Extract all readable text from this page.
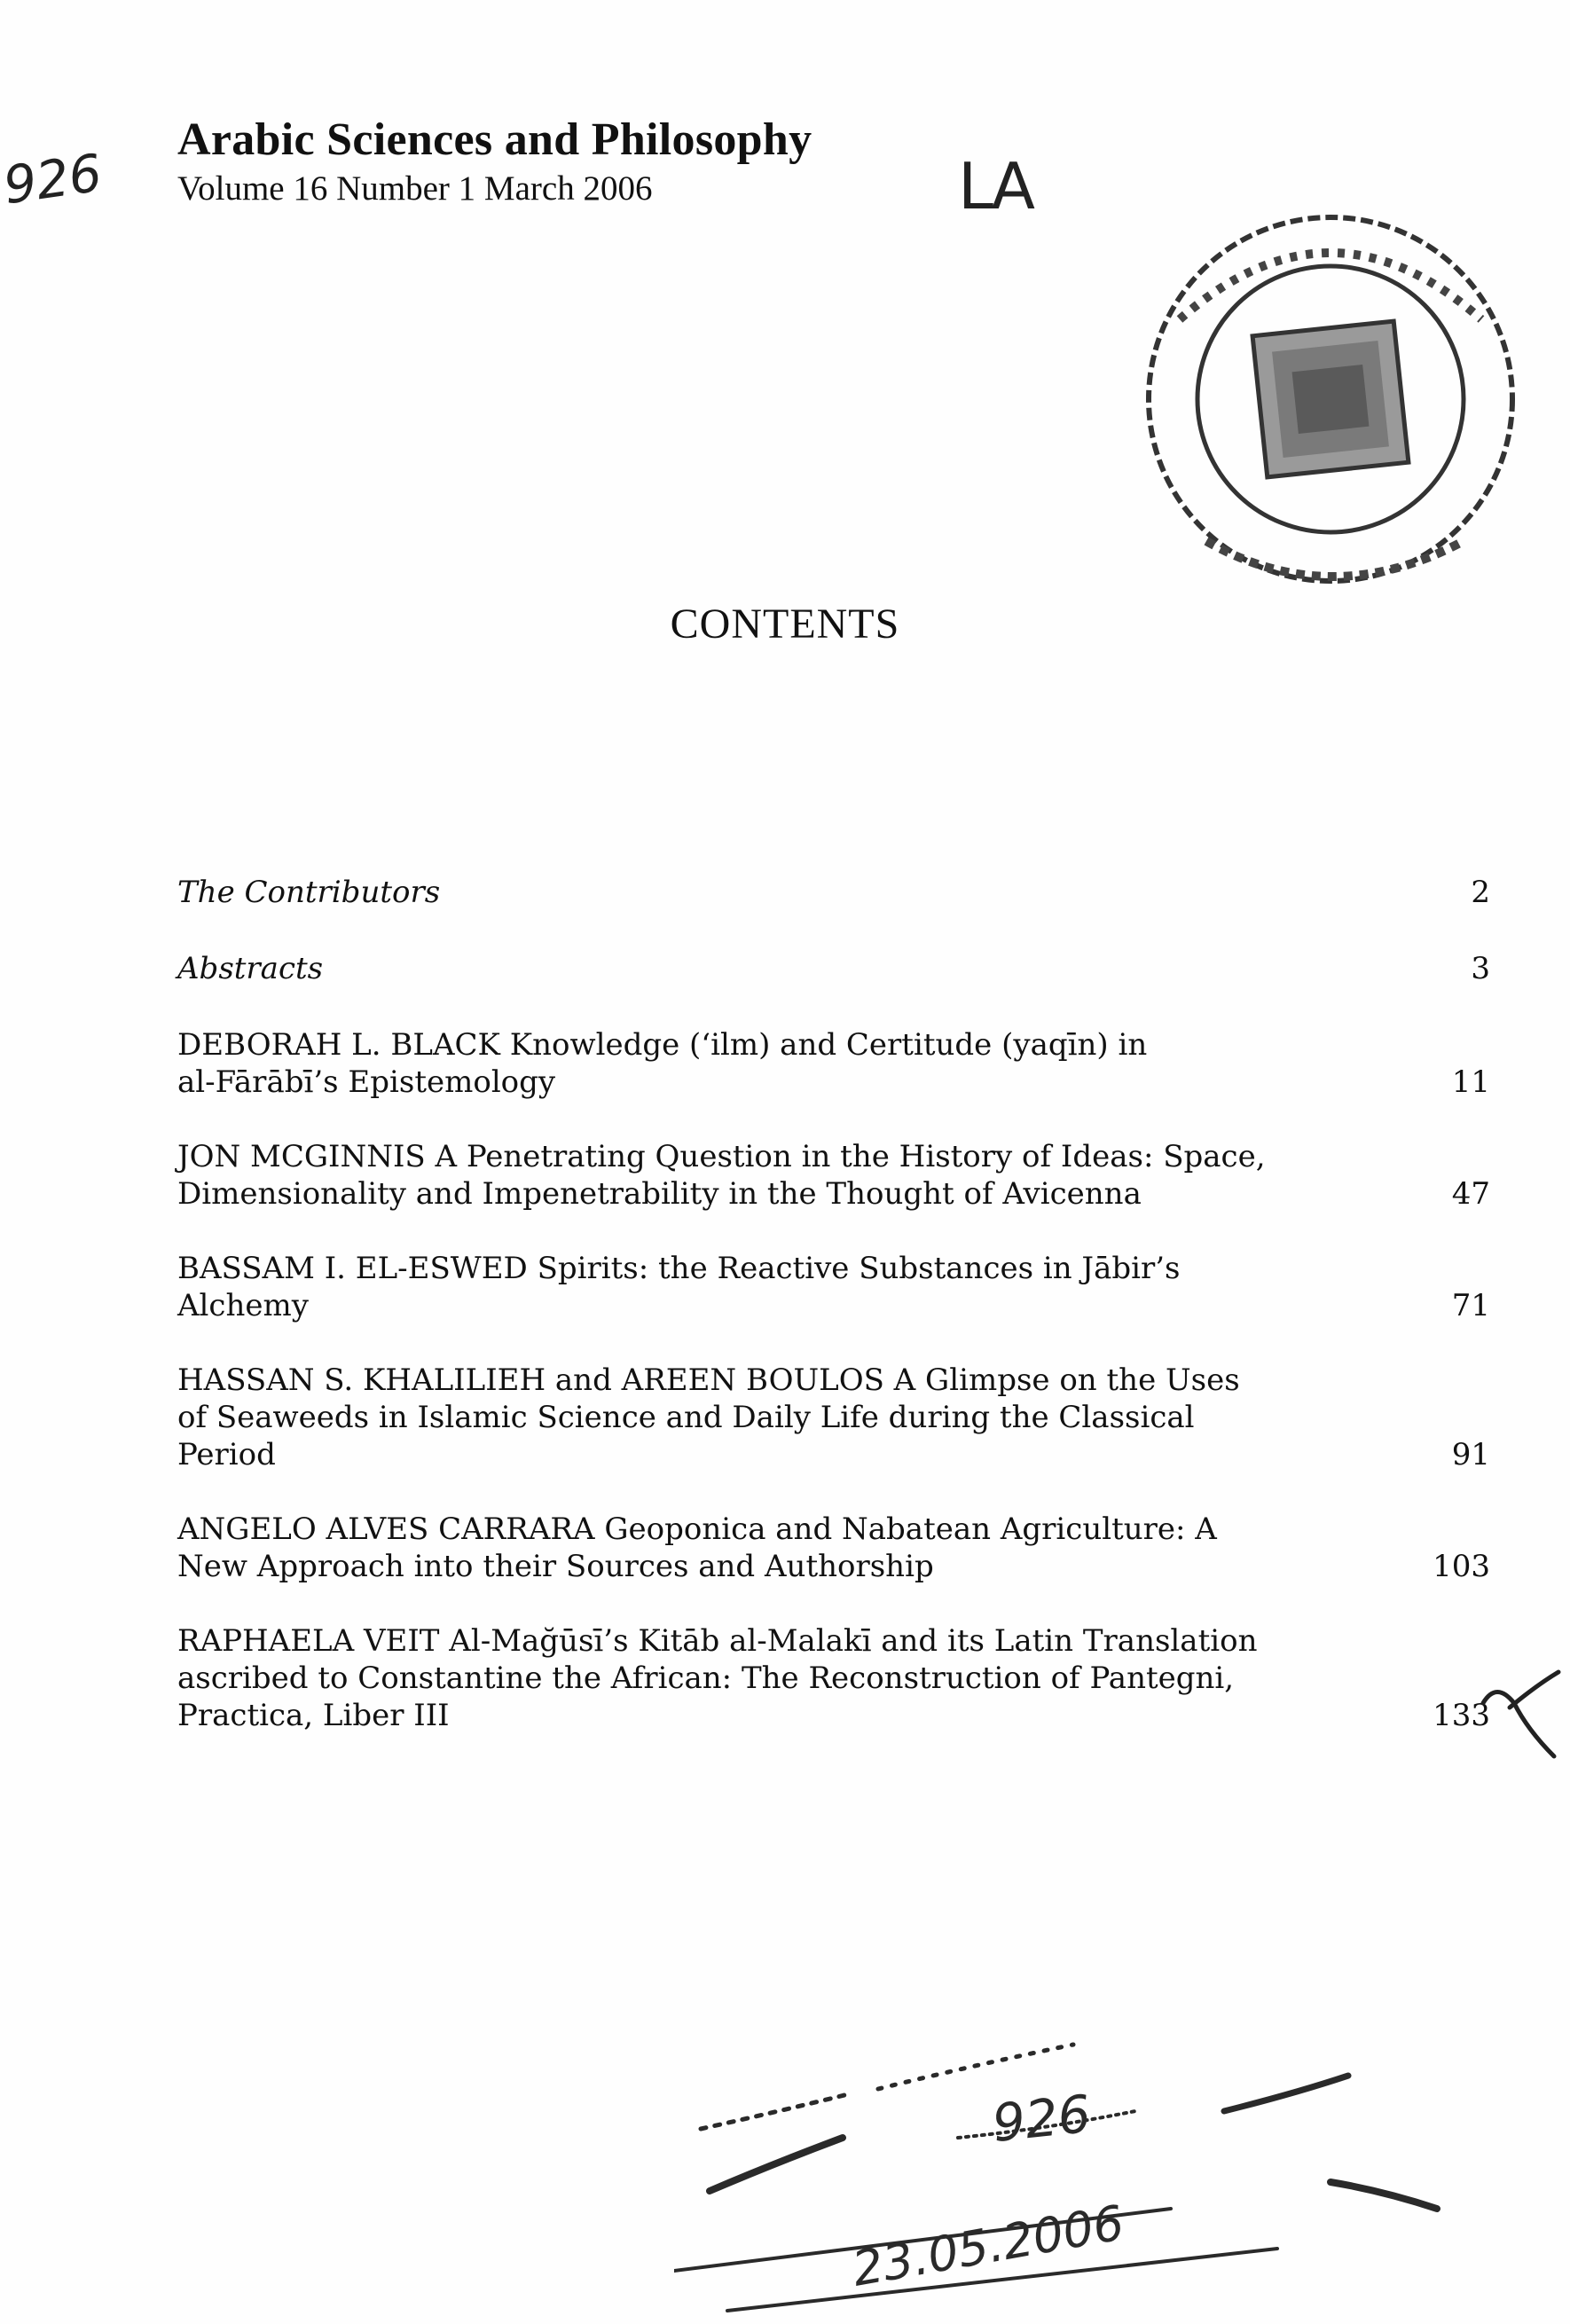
926
Arabic Sciences and Philosophy
Volume 16 Number 1 March 2006	LA
CONTENTS
The Contributors	2
Abstracts	3
DEBORAH L. BLACK Knowledge (‘ilm) and Certitude (yaqīn) in
al-Fārābī’s Epistemology	11
JON MCGINNIS A Penetrating Question in the History of Ideas: Space,
Dimensionality and Impenetrability in the Thought of Avicenna	47
BASSAM I. EL-ESWED Spirits: the Reactive Substances in Jābir’s
Alchemy	71
HASSAN S. KHALILIEH and AREEN BOULOS A Glimpse on the Uses
of Seaweeds in Islamic Science and Daily Life during the Classical
Period	91
ANGELO ALVES CARRARA Geoponica and Nabatean Agriculture: A
New Approach into their Sources and Authorship	103
RAPHAELA VEIT Al-Mağūsī’s Kitāb al-Malakī and its Latin Translation
ascribed to Constantine the African: The Reconstruction of Pantegni,
Practica, Liber III	133
926
23.05.2006
